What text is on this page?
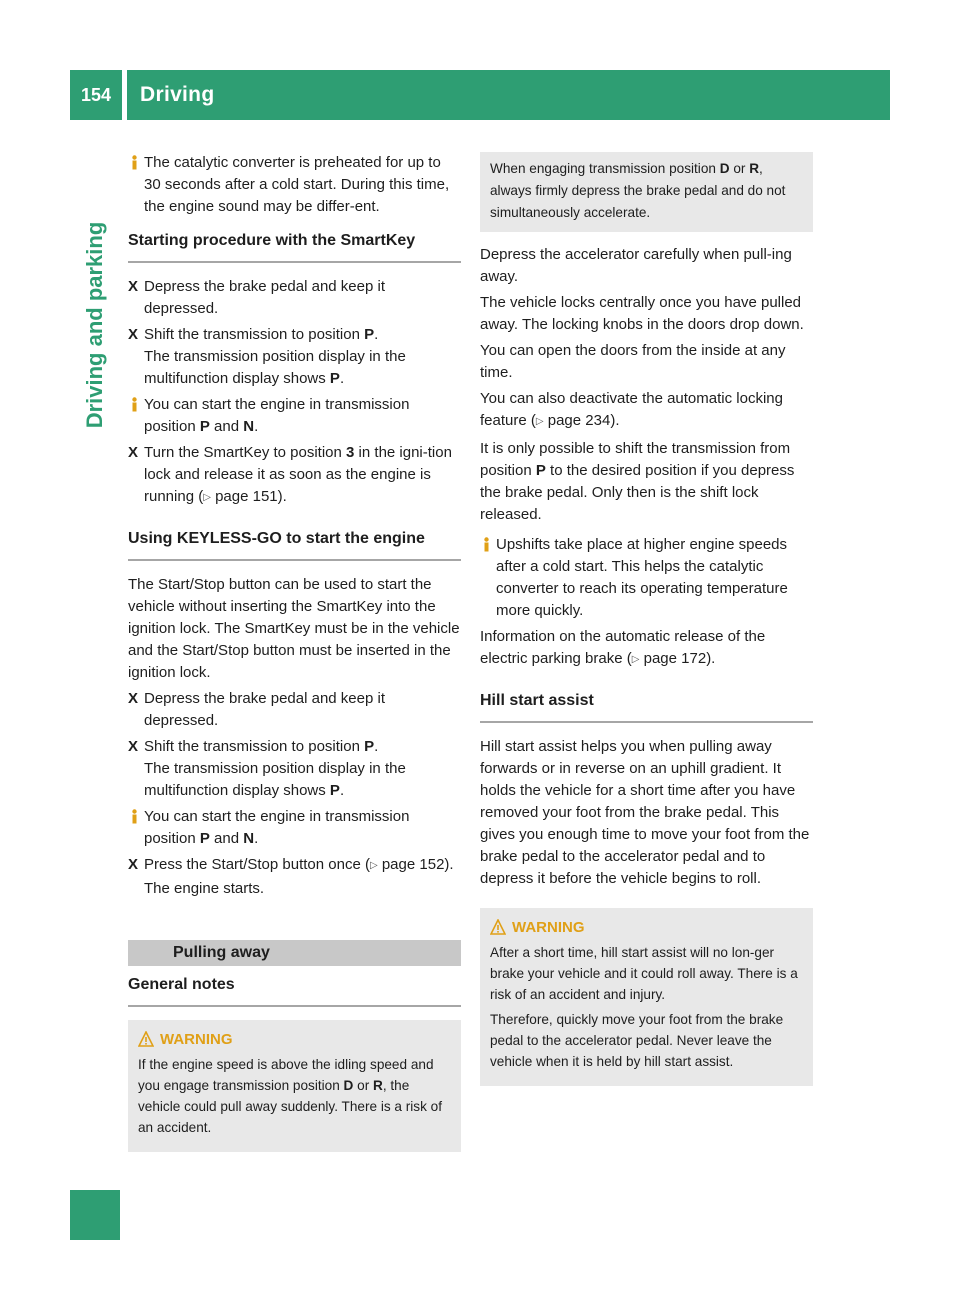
154	Driving
Driving and parking
The catalytic converter is preheated for up to 30 seconds after a cold start. During this time, the engine sound may be differ-ent.
Starting procedure with the SmartKey
X Depress the brake pedal and keep it depressed.
X Shift the transmission to position P.
The transmission position display in the multifunction display shows P.
You can start the engine in transmission position P and N.
X Turn the SmartKey to position 3 in the igni-tion lock and release it as soon as the engine is running (▷ page 151).
Using KEYLESS-GO to start the engine

The Start/Stop button can be used to start the vehicle without inserting the SmartKey into the ignition lock. The SmartKey must be in the vehicle and the Start/Stop button must be inserted in the ignition lock.

X Depress the brake pedal and keep it depressed.
X Shift the transmission to position P.
The transmission position display in the multifunction display shows P.
You can start the engine in transmission position P and N.
X Press the Start/Stop button once (▷ page 152).
The engine starts.
Pulling away
General notes
WARNING

If the engine speed is above the idling speed and you engage transmission position D or R, the vehicle could pull away suddenly. There is a risk of an accident.

When engaging transmission position D or R, always firmly depress the brake pedal and do not simultaneously accelerate.

Depress the accelerator carefully when pull-ing away.

The vehicle locks centrally once you have pulled away. The locking knobs in the doors drop down.

You can open the doors from the inside at any time.

You can also deactivate the automatic locking feature (▷ page 234).

It is only possible to shift the transmission from position P to the desired position if you depress the brake pedal. Only then is the shift lock released.

Upshifts take place at higher engine speeds after a cold start. This helps the catalytic converter to reach its operating temperature more quickly.

Information on the automatic release of the electric parking brake (▷ page 172).

Hill start assist

Hill start assist helps you when pulling away forwards or in reverse on an uphill gradient. It holds the vehicle for a short time after you have removed your foot from the brake pedal. This gives you enough time to move your foot from the brake pedal to the accelerator pedal and to depress it before the vehicle begins to roll.

WARNING

After a short time, hill start assist will no lon-ger brake your vehicle and it could roll away. There is a risk of an accident and injury.

Therefore, quickly move your foot from the brake pedal to the accelerator pedal. Never leave the vehicle when it is held by hill start assist.
